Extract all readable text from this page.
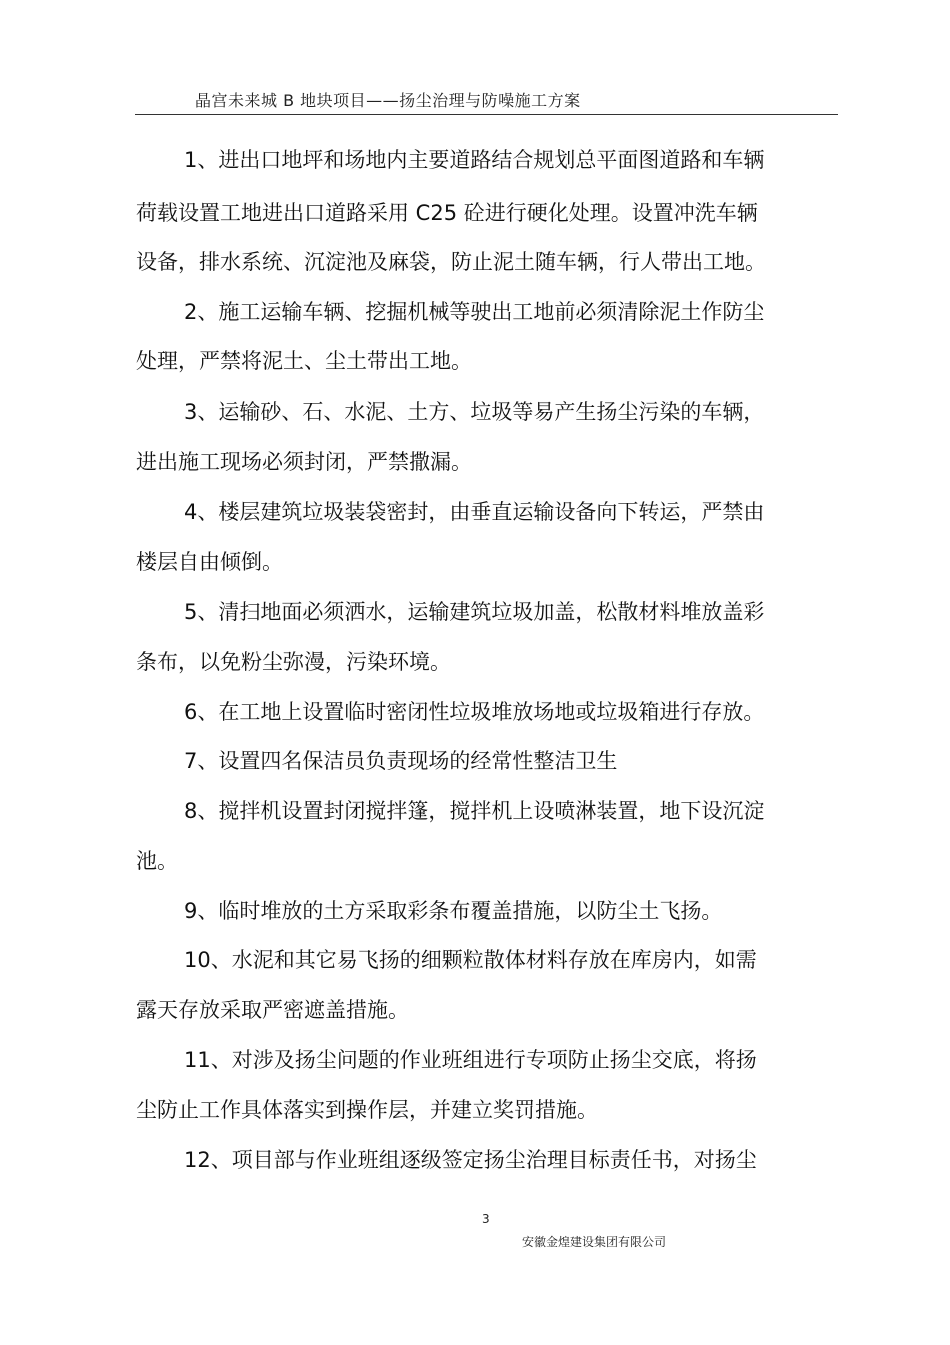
晶宫未来城 B 地块项目——扬尘治理与防噪施工方案
1、进出口地坪和场地内主要道路结合规划总平面图道路和车辆
荷载设置工地进出口道路采用 C25 砼进行硬化处理。设置冲洗车辆
设备，排水系统、沉淀池及麻袋，防止泥土随车辆，行人带出工地。
2、施工运输车辆、挖掘机械等驶出工地前必须清除泥土作防尘
处理，严禁将泥土、尘土带出工地。
3、运输砂、石、水泥、土方、垃圾等易产生扬尘污染的车辆，
进出施工现场必须封闭，严禁撒漏。
4、楼层建筑垃圾装袋密封，由垂直运输设备向下转运，严禁由
楼层自由倾倒。
5、清扫地面必须洒水，运输建筑垃圾加盖，松散材料堆放盖彩
条布，以免粉尘弥漫，污染环境。
6、在工地上设置临时密闭性垃圾堆放场地或垃圾箱进行存放。
7、设置四名保洁员负责现场的经常性整洁卫生
8、搅拌机设置封闭搅拌篷，搅拌机上设喷淋装置，地下设沉淀
池。
9、临时堆放的土方采取彩条布覆盖措施，以防尘土飞扬。
10、水泥和其它易飞扬的细颗粒散体材料存放在库房内，如需
露天存放采取严密遮盖措施。
11、对涉及扬尘问题的作业班组进行专项防止扬尘交底，将扬
尘防止工作具体落实到操作层，并建立奖罚措施。
12、项目部与作业班组逐级签定扬尘治理目标责任书，对扬尘
3
安徽金煌建设集团有限公司
